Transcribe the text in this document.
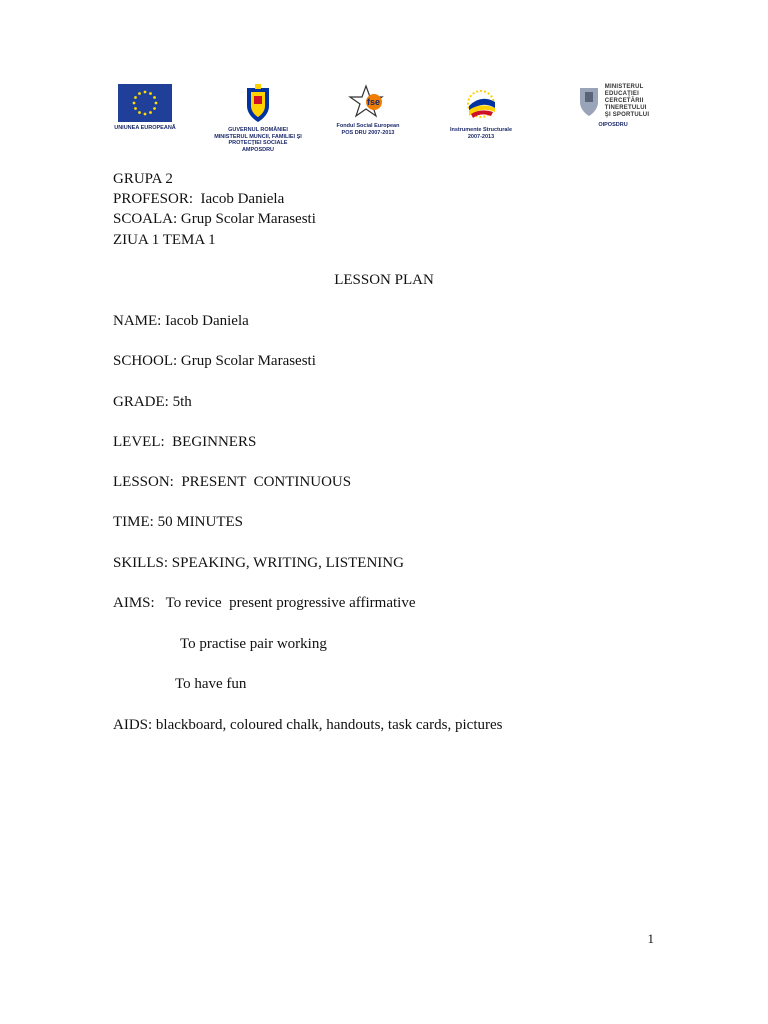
UNIUNEA EUROPEANĂ	GUVERNUL ROMÂNIEI
MINISTERUL MUNCII, FAMILIEI ŞI
PROTECŢIEI SOCIALE
AMPOSDRU
fse
Fondul Social European
POS DRU 2007-2013	Instrumente Structurale
2007-2013
MINISTERUL
EDUCAŢIEI
CERCETĂRII
TINERETULUI
ŞI SPORTULUI
OIPOSDRU
GRUPA 2
PROFESOR:  Iacob Daniela
SCOALA: Grup Scolar Marasesti
ZIUA 1 TEMA 1
LESSON PLAN
NAME: Iacob Daniela
SCHOOL: Grup Scolar Marasesti
GRADE: 5th
LEVEL:  BEGINNERS
LESSON:  PRESENT  CONTINUOUS
TIME: 50 MINUTES
SKILLS: SPEAKING, WRITING, LISTENING
AIMS:   To revice  present progressive affirmative
To practise pair working
To have fun
AIDS: blackboard, coloured chalk, handouts, task cards, pictures
1
